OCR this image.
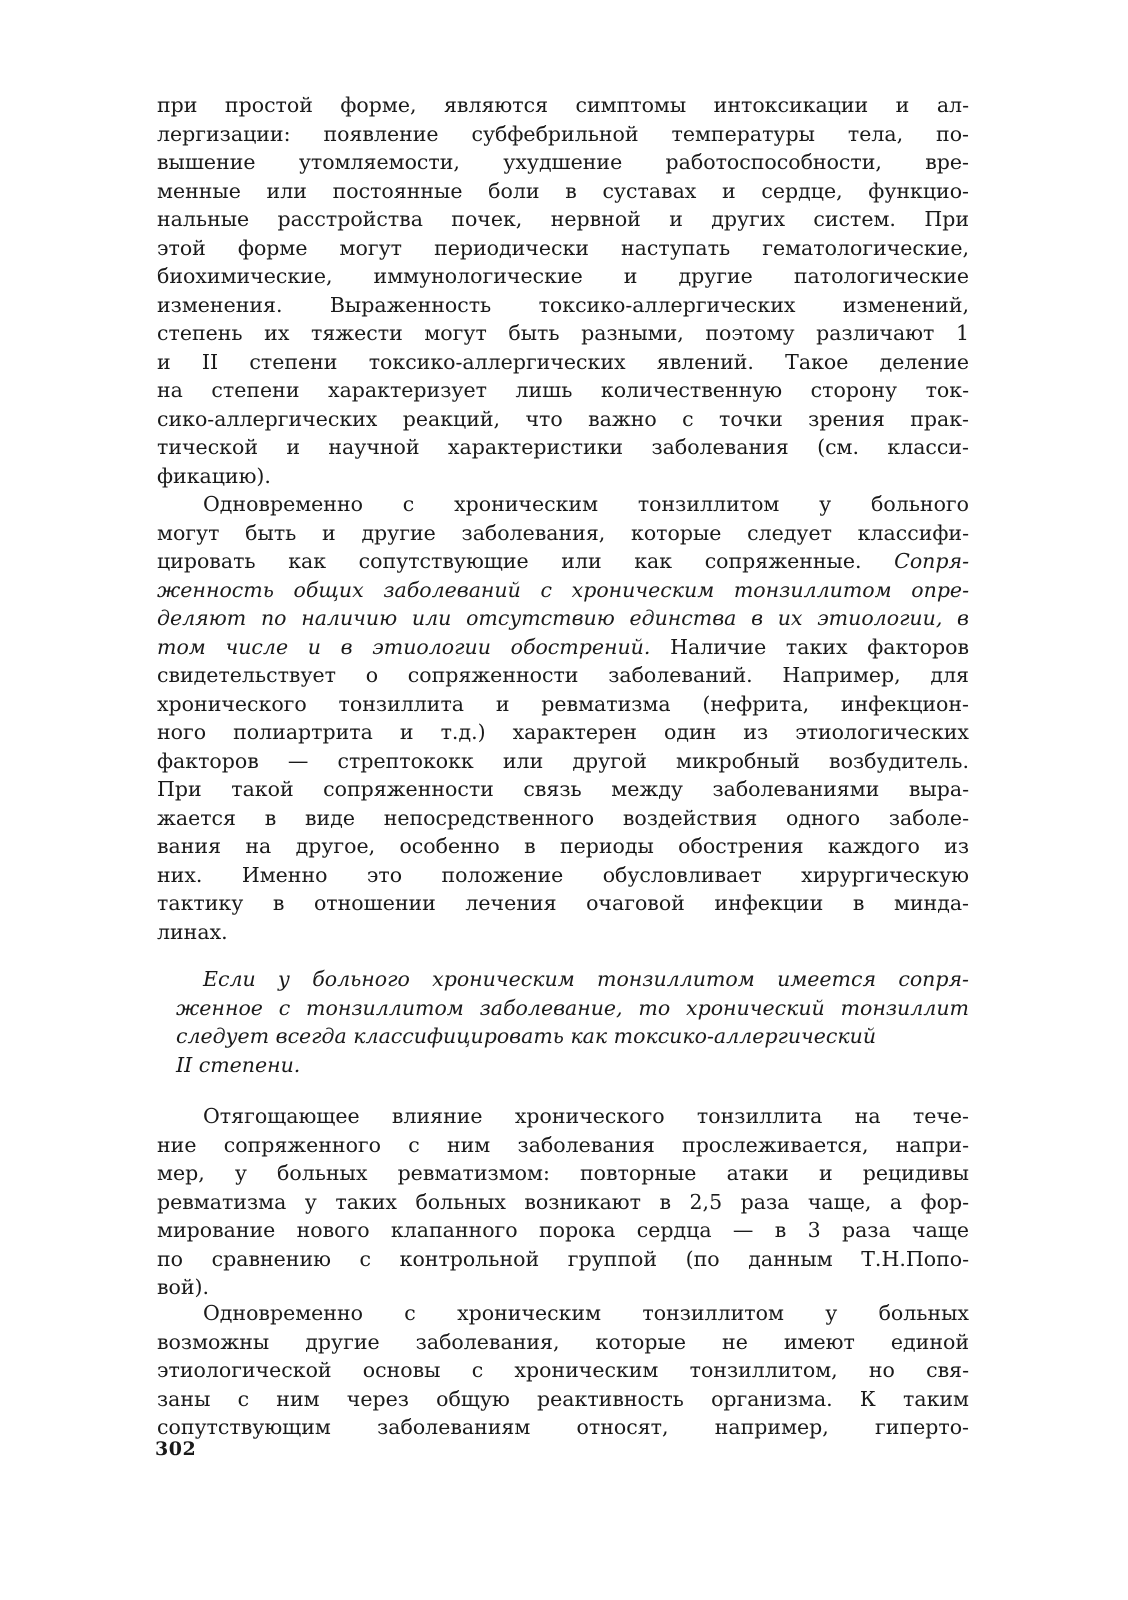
при простой форме, являются симптомы интоксикации и ал-
лергизации: появление субфебрильной температуры тела, по-
вышение утомляемости, ухудшение работоспособности, вре-
менные или постоянные боли в суставах и сердце, функцио-
нальные расстройства почек, нервной и других систем. При
этой форме могут периодически наступать гематологические,
биохимические, иммунологические и другие патологические
изменения. Выраженность токсико-аллергических изменений,
степень их тяжести могут быть разными, поэтому различают 1
и II степени токсико-аллергических явлений. Такое деление
на степени характеризует лишь количественную сторону ток-
сико-аллергических реакций, что важно с точки зрения прак-
тической и научной характеристики заболевания (см. класси-
фикацию).
Одновременно с хроническим тонзиллитом у больного
могут быть и другие заболевания, которые следует классифи-
цировать как сопутствующие или как сопряженные. Сопря-
женность общих заболеваний с хроническим тонзиллитом опре-
деляют по наличию или отсутствию единства в их этиологии, в
том числе и в этиологии обострений. Наличие таких факторов
свидетельствует о сопряженности заболеваний. Например, для
хронического тонзиллита и ревматизма (нефрита, инфекцион-
ного полиартрита и т.д.) характерен один из этиологических
факторов — стрептококк или другой микробный возбудитель.
При такой сопряженности связь между заболеваниями выра-
жается в виде непосредственного воздействия одного заболе-
вания на другое, особенно в периоды обострения каждого из
них. Именно это положение обусловливает хирургическую
тактику в отношении лечения очаговой инфекции в минда-
линах.
Если у больного хроническим тонзиллитом имеется сопря-
женное с тонзиллитом заболевание, то хронический тонзиллит
следует всегда классифицировать как токсико-аллергический
II степени.
Отягощающее влияние хронического тонзиллита на тече-
ние сопряженного с ним заболевания прослеживается, напри-
мер, у больных ревматизмом: повторные атаки и рецидивы
ревматизма у таких больных возникают в 2,5 раза чаще, а фор-
мирование нового клапанного порока сердца — в 3 раза чаще
по сравнению с контрольной группой (по данным Т.Н.Попо-
вой).
Одновременно с хроническим тонзиллитом у больных
возможны другие заболевания, которые не имеют единой
этиологической основы с хроническим тонзиллитом, но свя-
заны с ним через общую реактивность организма. К таким
сопутствующим заболеваниям относят, например, гиперто-
302
